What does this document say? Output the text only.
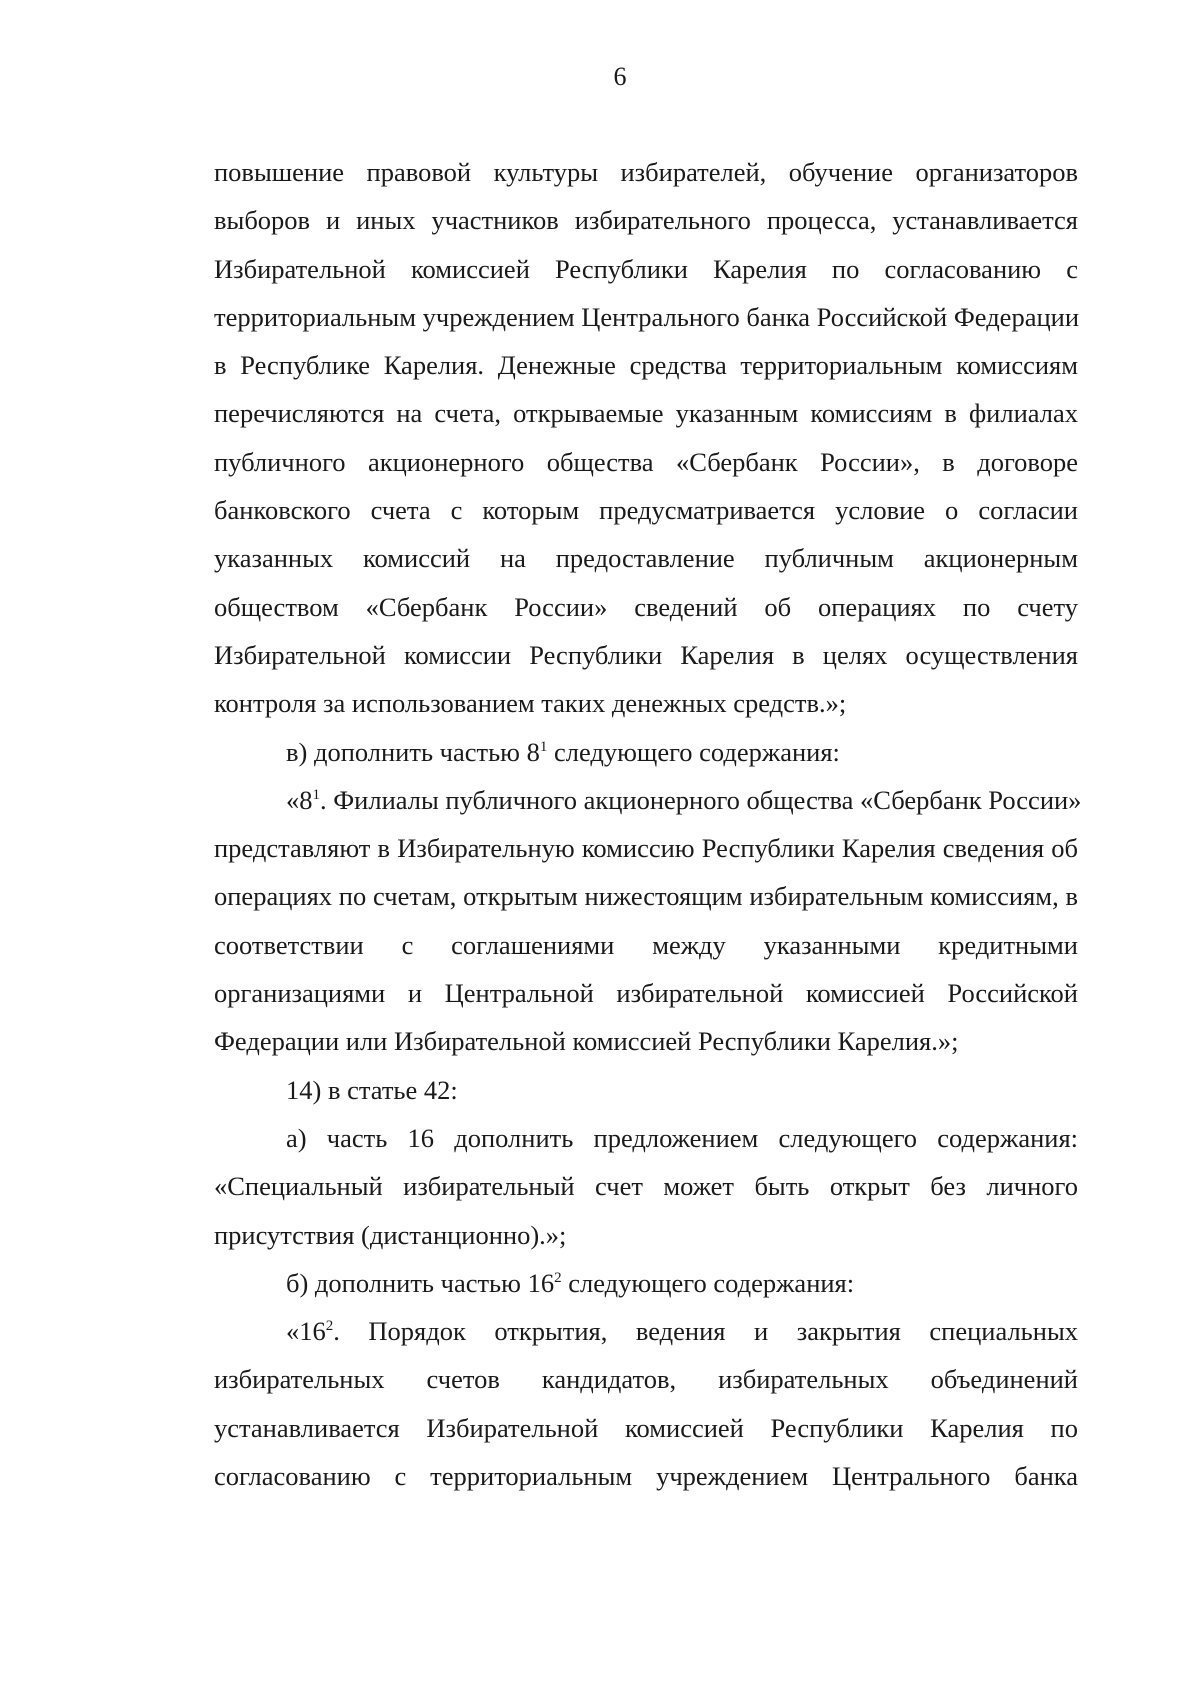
6
повышение правовой культуры избирателей, обучение организаторов
выборов и иных участников избирательного процесса, устанавливается
Избирательной комиссией Республики Карелия по согласованию с
территориальным учреждением Центрального банка Российской Федерации
в Республике Карелия. Денежные средства территориальным комиссиям
перечисляются на счета, открываемые указанным комиссиям в филиалах
публичного акционерного общества «Сбербанк России», в договоре
банковского счета с которым предусматривается условие о согласии
указанных комиссий на предоставление публичным акционерным
обществом «Сбербанк России» сведений об операциях по счету
Избирательной комиссии Республики Карелия в целях осуществления
контроля за использованием таких денежных средств.»;
в) дополнить частью $8^1$ следующего содержания:
«$8^1$. Филиалы публичного акционерного общества «Сбербанк России»
представляют в Избирательную комиссию Республики Карелия сведения об
операциях по счетам, открытым нижестоящим избирательным комиссиям, в
соответствии с соглашениями между указанными кредитными
организациями и Центральной избирательной комиссией Российской
Федерации или Избирательной комиссией Республики Карелия.»;
14) в статье 42:
а) часть 16 дополнить предложением следующего содержания:
«Специальный избирательный счет может быть открыт без личного
присутствия (дистанционно).»;
б) дополнить частью $16^2$ следующего содержания:
«$16^2$. Порядок открытия, ведения и закрытия специальных
избирательных счетов кандидатов, избирательных объединений
устанавливается Избирательной комиссией Республики Карелия по
согласованию с территориальным учреждением Центрального банка
